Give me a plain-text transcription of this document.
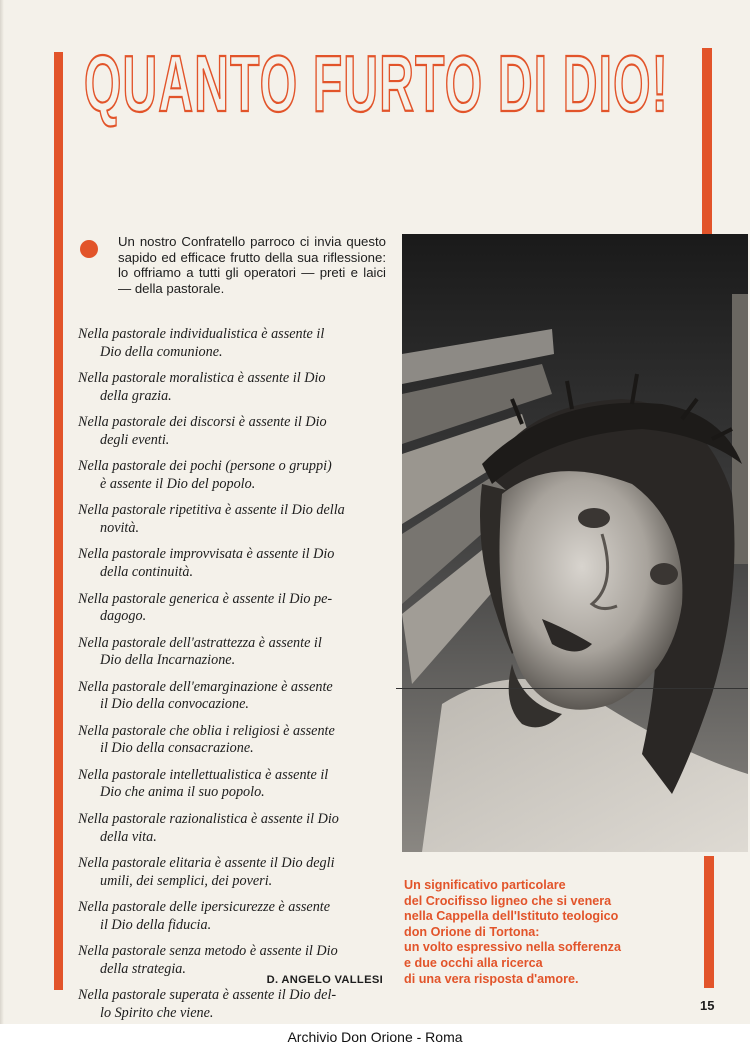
QUANTO FURTO DI DIO!

Un nostro Confratello parroco ci invia questo sapido ed efficace frutto della sua riflessione: lo offriamo a tutti gli operatori — preti e laici — della pastorale.

Nella pastorale individualistica è assente il
Dio della comunione.
Nella pastorale moralistica è assente il Dio
della grazia.
Nella pastorale dei discorsi è assente il Dio
degli eventi.
Nella pastorale dei pochi (persone o gruppi)
è assente il Dio del popolo.
Nella pastorale ripetitiva è assente il Dio della
novità.
Nella pastorale improvvisata è assente il Dio
della continuità.
Nella pastorale generica è assente il Dio pe-
dagogo.
Nella pastorale dell'astrattezza è assente il
Dio della Incarnazione.
Nella pastorale dell'emarginazione è assente
il Dio della convocazione.
Nella pastorale che oblia i religiosi è assente
il Dio della consacrazione.
Nella pastorale intellettualistica è assente il
Dio che anima il suo popolo.
Nella pastorale razionalistica è assente il Dio
della vita.
Nella pastorale elitaria è assente il Dio degli
umili, dei semplici, dei poveri.
Nella pastorale delle ipersicurezze è assente
il Dio della fiducia.
Nella pastorale senza metodo è assente il Dio
della strategia.
Nella pastorale superata è assente il Dio del-
lo Spirito che viene.
D. ANGELO VALLESI
Un significativo particolare
del Crocifisso ligneo che si venera
nella Cappella dell'Istituto teologico
don Orione di Tortona:
un volto espressivo nella sofferenza
e due occhi alla ricerca
di una vera risposta d'amore.
15
Archivio Don Orione - Roma
